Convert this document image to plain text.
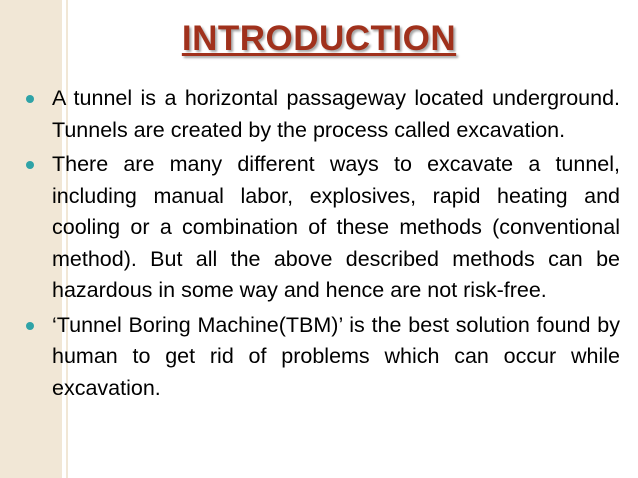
INTRODUCTION
A tunnel is a horizontal passageway located underground. Tunnels are created by the process called excavation.
There are many different ways to excavate a tunnel, including manual labor, explosives, rapid heating and cooling or a combination of these methods (conventional method). But all the above described methods can be hazardous in some way and hence are not risk-free.
‘Tunnel Boring Machine(TBM)’ is the best solution found by human to get rid of problems which can occur while excavation.
